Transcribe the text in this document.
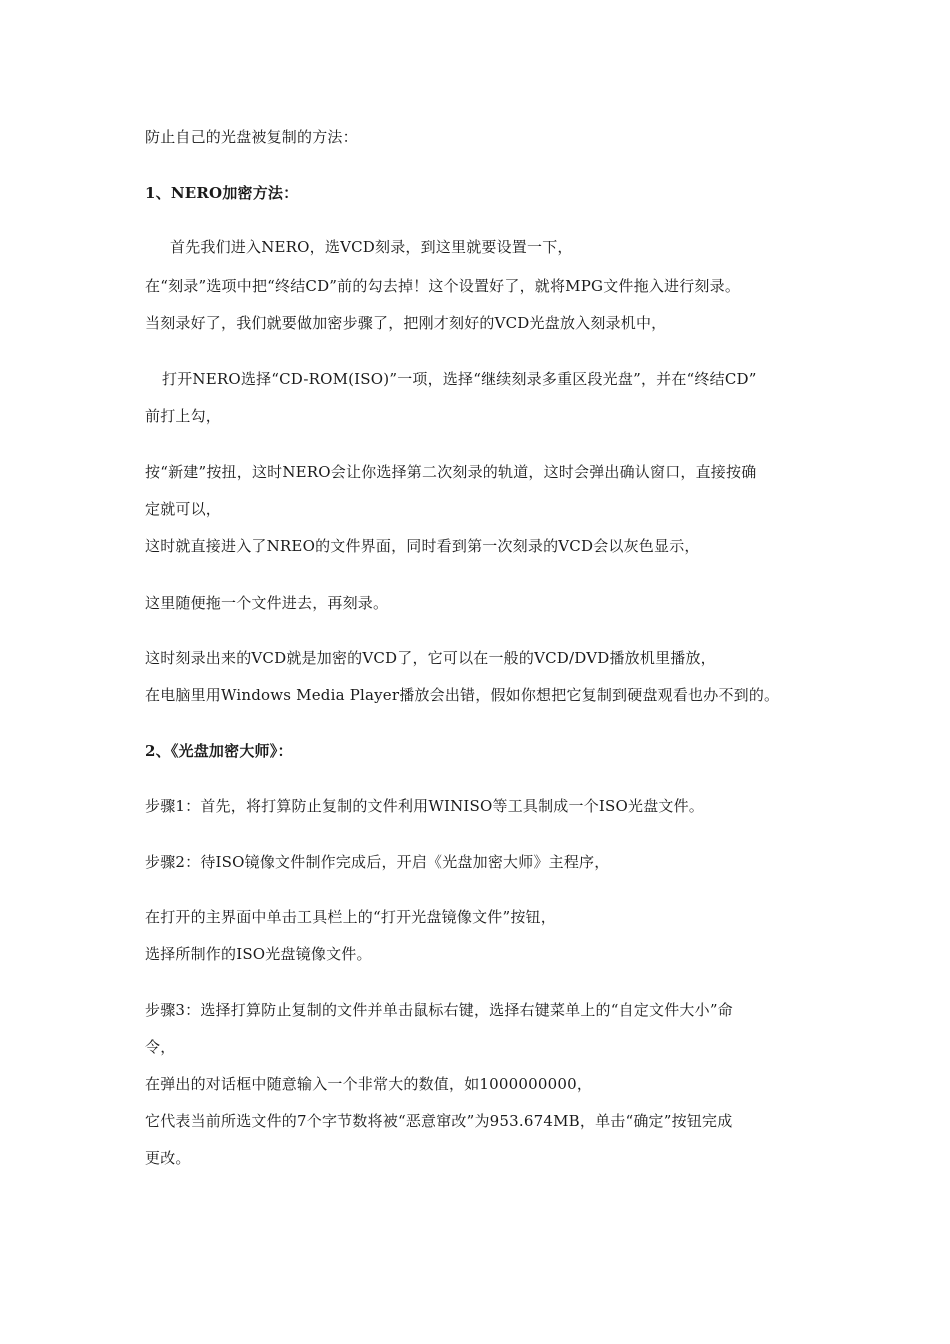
防止自己的光盘被复制的方法：
1、NERO加密方法：
首先我们进入NERO，选VCD刻录，到这里就要设置一下，
在“刻录”选项中把“终结CD”前的勾去掉！这个设置好了，就将MPG文件拖入进行刻录。
当刻录好了，我们就要做加密步骤了，把刚才刻好的VCD光盘放入刻录机中，
打开NERO选择“CD-ROM(ISO)”一项，选择“继续刻录多重区段光盘”，并在“终结CD”
前打上勾，
按“新建”按扭，这时NERO会让你选择第二次刻录的轨道，这时会弹出确认窗口，直接按确
定就可以，
这时就直接进入了NREO的文件界面，同时看到第一次刻录的VCD会以灰色显示，
这里随便拖一个文件进去，再刻录。
这时刻录出来的VCD就是加密的VCD了，它可以在一般的VCD/DVD播放机里播放，
在电脑里用Windows Media Player播放会出错，假如你想把它复制到硬盘观看也办不到的。
2、《光盘加密大师》：
步骤1：首先，将打算防止复制的文件利用WINISO等工具制成一个ISO光盘文件。
步骤2：待ISO镜像文件制作完成后，开启《光盘加密大师》主程序，
在打开的主界面中单击工具栏上的“打开光盘镜像文件”按钮，
选择所制作的ISO光盘镜像文件。
步骤3：选择打算防止复制的文件并单击鼠标右键，选择右键菜单上的“自定文件大小”命
令，
在弹出的对话框中随意输入一个非常大的数值，如1000000000，
它代表当前所选文件的7个字节数将被“恶意窜改”为953.674MB，单击“确定”按钮完成
更改。
